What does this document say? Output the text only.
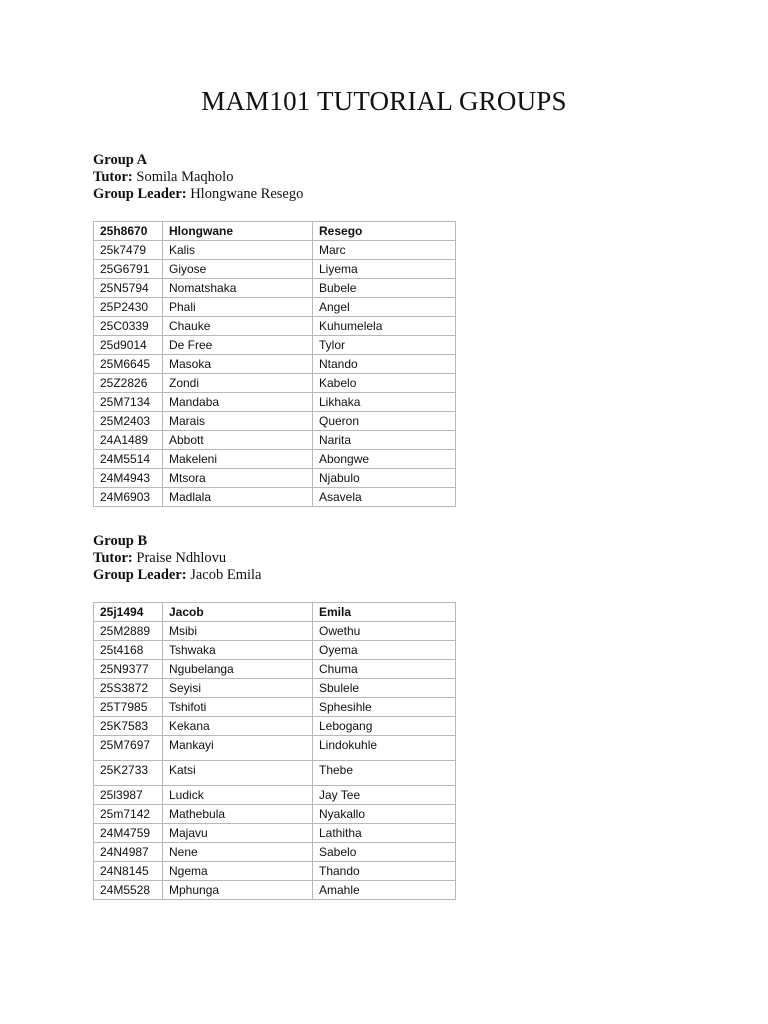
MAM101 TUTORIAL GROUPS
Group A
Tutor: Somila Maqholo
Group Leader: Hlongwane Resego
25h8670	Hlongwane	Resego
25k7479	Kalis	Marc
25G6791	Giyose	Liyema
25N5794	Nomatshaka	Bubele
25P2430	Phali	Angel
25C0339	Chauke	Kuhumelela
25d9014	De Free	Tylor
25M6645	Masoka	Ntando
25Z2826	Zondi	Kabelo
25M7134	Mandaba	Likhaka
25M2403	Marais	Queron
24A1489	Abbott	Narita
24M5514	Makeleni	Abongwe
24M4943	Mtsora	Njabulo
24M6903	Madlala	Asavela
Group B
Tutor: Praise Ndhlovu
Group Leader: Jacob Emila
25j1494	Jacob	Emila
25M2889	Msibi	Owethu
25t4168	Tshwaka	Oyema
25N9377	Ngubelanga	Chuma
25S3872	Seyisi	Sbulele
25T7985	Tshifoti	Sphesihle
25K7583	Kekana	Lebogang
25M7697	Mankayi	Lindokuhle
25K2733	Katsi	Thebe
25l3987	Ludick	Jay Tee
25m7142	Mathebula	Nyakallo
24M4759	Majavu	Lathitha
24N4987	Nene	Sabelo
24N8145	Ngema	Thando
24M5528	Mphunga	Amahle
